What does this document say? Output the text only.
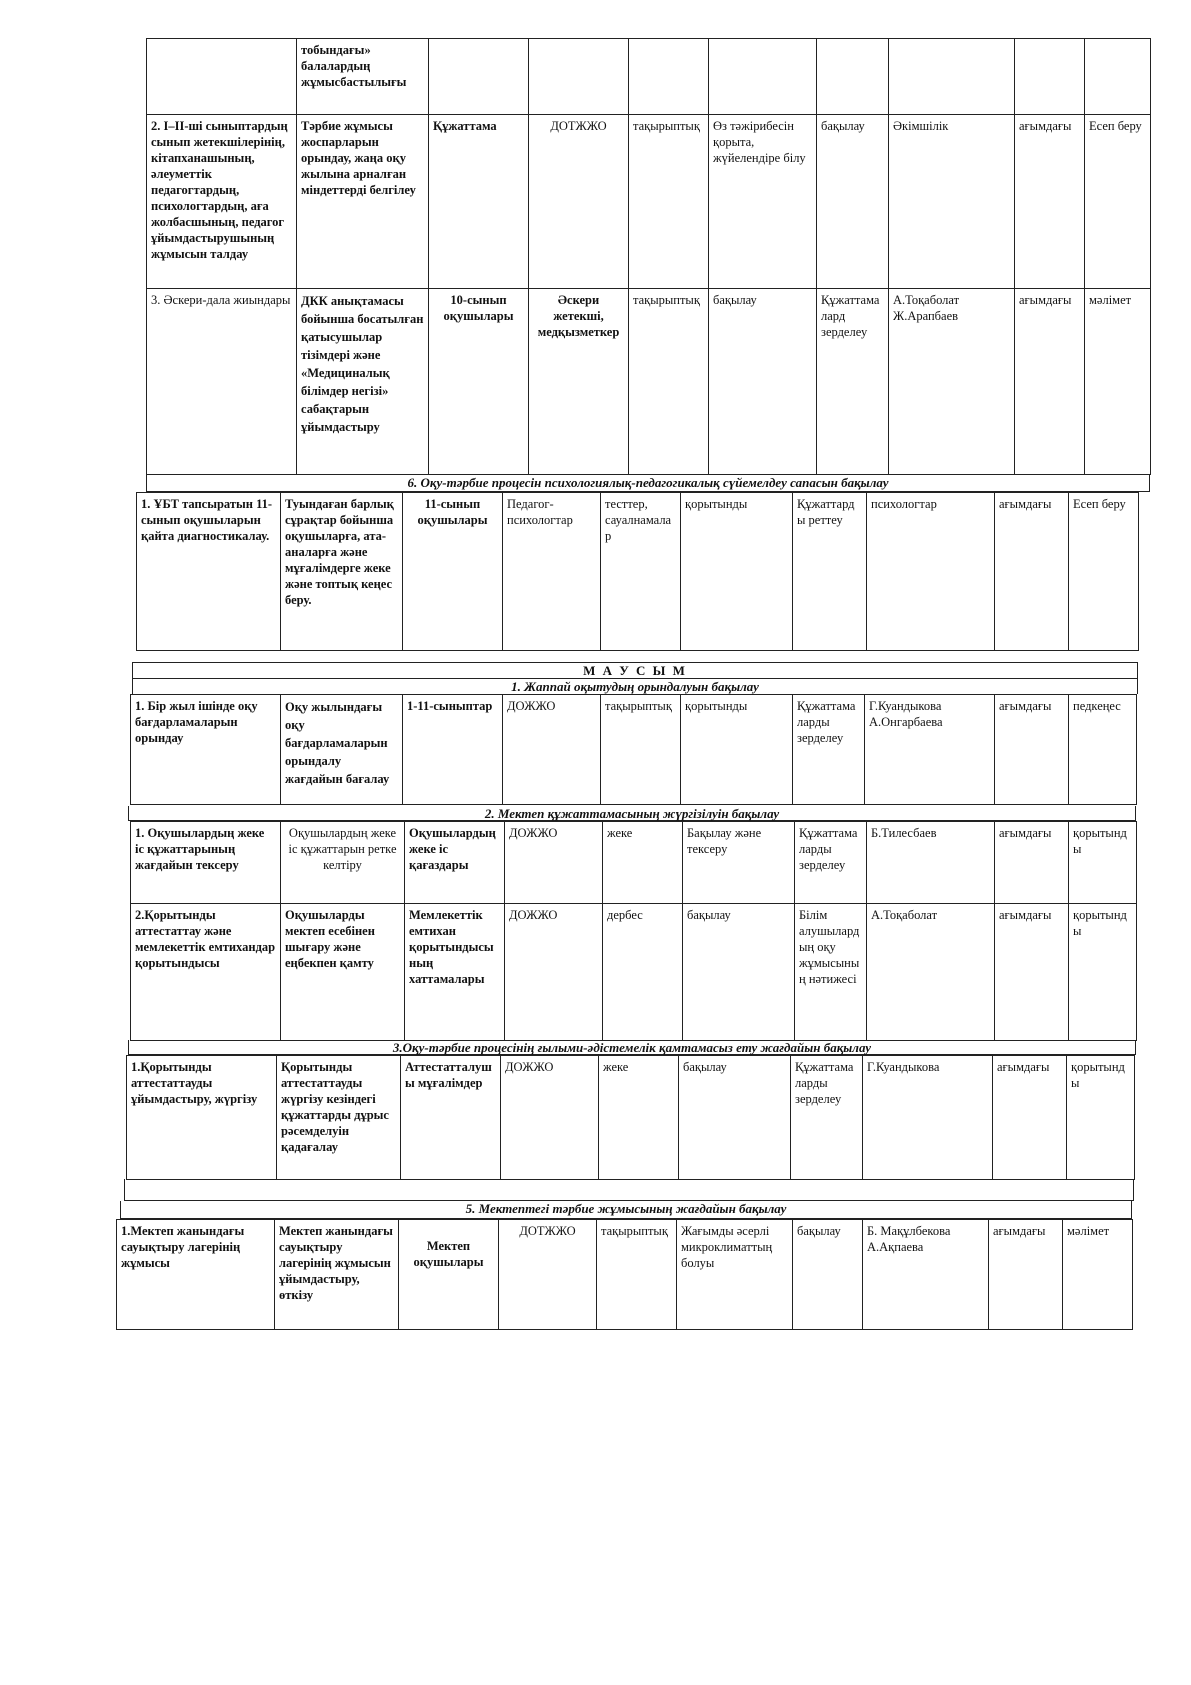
	тобындағы» балалардың жұмысбастылығы								
2. І–ІІ-ші сыныптардың сынып жетекшілерінің, кітапханашының, әлеуметтік педагогтардың, психологтардың, аға жолбасшының, педагог ұйымдастырушының жұмысын талдау	Тәрбие жұмысы жоспарларын орындау, жаңа оқу жылына арналған міндеттерді белгілеу	Құжаттама	ДОТЖЖО	тақырыптық	Өз тәжірибесін қорыта, жүйелендіре білу	бақылау	Әкімшілік	ағымдағы	Есеп беру
3. Әскери-дала жиындары	ДКК анықтамасы бойынша босатылған қатысушылар тізімдері және «Медициналық білімдер негізі» сабақтарын ұйымдастыру	10-сынып оқушылары	Әскери жетекші, медқызметкер	тақырыптық	бақылау	Құжаттамалард зерделеу	А.Тоқаболат Ж.Арапбаев	ағымдағы	мәлімет
6. Оқу-тәрбие процесін психологиялық-педагогикалық сүйемелдеу сапасын бақылау
1. ҰБТ тапсыратын 11-сынып оқушыларын қайта диагностикалау.	Туындаған барлық сұрақтар бойынша оқушыларға, ата-аналарға және мұғалімдерге жеке және топтық кеңес беру.	11-сынып оқушылары	Педагог-психологтар	тесттер, сауалнамалар	қорытынды	Құжаттарды реттеу	психологтар	ағымдағы	Есеп беру
М А У С Ы М
1. Жаппай оқытудың орындалуын бақылау
1. Бір жыл ішінде оқу бағдарламаларын орындау	Оқу жылындағы оқу бағдарламаларын орындалу жағдайын бағалау	1-11-сыныптар	ДОЖЖО	тақырыптық	қорытынды	Құжаттамаларды зерделеу	Г.Куандыкова А.Онгарбаева	ағымдағы	педкеңес
2. Мектеп құжаттамасының жүргізілуін бақылау
1. Оқушылардың жеке іс құжаттарының жағдайын тексеру	Оқушылардың жеке іс құжаттарын ретке келтіру	Оқушылардың жеке іс қағаздары	ДОЖЖО	жеке	Бақылау және тексеру	Құжаттамаларды зерделеу	Б.Тилесбаев	ағымдағы	қорытынды
2.Қорытынды аттестаттау және мемлекеттік емтихандар қорытындысы	Оқушыларды мектеп есебінен шығару және еңбекпен қамту	Мемлекеттік емтихан қорытындысының хаттамалары	ДОЖЖО	дербес	бақылау	Білім алушылардың оқу жұмысының нәтижесі	А.Тоқаболат	ағымдағы	қорытынды
3.Оқу-тәрбие процесінің ғылыми-әдістемелік қамтамасыз ету жағдайын бақылау
1.Қорытынды аттестаттауды ұйымдастыру, жүргізу	Қорытынды аттестаттауды жүргізу кезіндегі құжаттарды дұрыс рәсемделуін қадағалау	Аттестатталушы мұғалімдер	ДОЖЖО	жеке	бақылау	Құжаттамаларды зерделеу	Г.Куандыкова	ағымдағы	қорытынды
5. Мектептегі тәрбие жұмысының жағдайын бақылау
1.Мектеп жанындағы сауықтыру лагерінің жұмысы	Мектеп жанындағы сауықтыру лагерінің жұмысын ұйымдастыру, өткізу	Мектеп оқушылары	ДОТЖЖО	тақырыптық	Жағымды әсерлі микроклиматтың болуы	бақылау	Б. Мақұлбекова А.Ақпаева	ағымдағы	мәлімет
